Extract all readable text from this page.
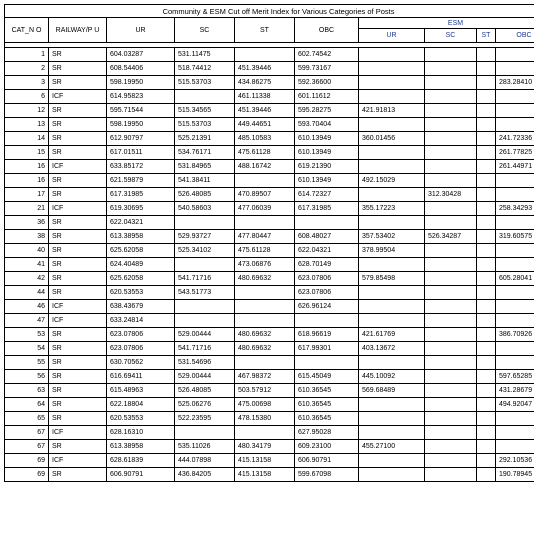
Community & ESM Cut off Merit Index for Various Categories of Posts									
CAT_N O	RAILWAY/P U	UR	SC	ST	OBC	ESM			
						UR	SC	ST	OBC

1	SR	604.03287	531.11475		602.74542				
2	SR	608.54406	518.74412	451.39446	599.73167				
3	SR	598.19950	515.53703	434.86275	592.36600				283.28410
6	ICF	614.95823		461.11338	601.11612				
12	SR	595.71544	515.34565	451.39446	595.28275	421.91813			
13	SR	598.19950	515.53703	449.44651	593.70404				
14	SR	612.90797	525.21391	485.10583	610.13949	360.01456			241.72336
15	SR	617.01511	534.76171	475.61128	610.13949				261.77825
16	ICF	633.85172	531.84965	488.16742	619.21390				261.44971
16	SR	621.59879	541.38411		610.13949	492.15029			
17	SR	617.31985	526.48085	470.89507	614.72327		312.30428		
21	ICF	619.30695	540.58603	477.06039	617.31985	355.17223			258.34293
36	SR	622.04321							
38	SR	613.38958	529.93727	477.80447	608.48027	357.53402	526.34287		319.60575
40	SR	625.62058	525.34102	475.61128	622.04321	378.99504			
41	SR	624.40489		473.06876	628.70149				
42	SR	625.62058	541.71716	480.69632	623.07806	579.85498			605.28041
44	SR	620.53553	543.51773		623.07806				
46	ICF	638.43679			626.96124				
47	ICF	633.24814							
53	SR	623.07806	529.00444	480.69632	618.96619	421.61769			386.70926
54	SR	623.07806	541.71716	480.69632	617.99301	403.13672			
55	SR	630.70562	531.54696						
56	SR	616.69411	529.00444	467.98372	615.45049	445.10092			597.65285
63	SR	615.48963	526.48085	503.57912	610.36545	569.68489			431.28679
64	SR	622.18804	525.06276	475.00698	610.36545				494.92047
65	SR	620.53553	522.23595	478.15380	610.36545				
67	ICF	628.16310			627.95028				
67	SR	613.38958	535.11026	480.34179	609.23100	455.27100			
69	ICF	628.61839	444.07898	415.13158	606.90791				292.10536
69	SR	606.90791	436.84205	415.13158	599.67098				190.78945
